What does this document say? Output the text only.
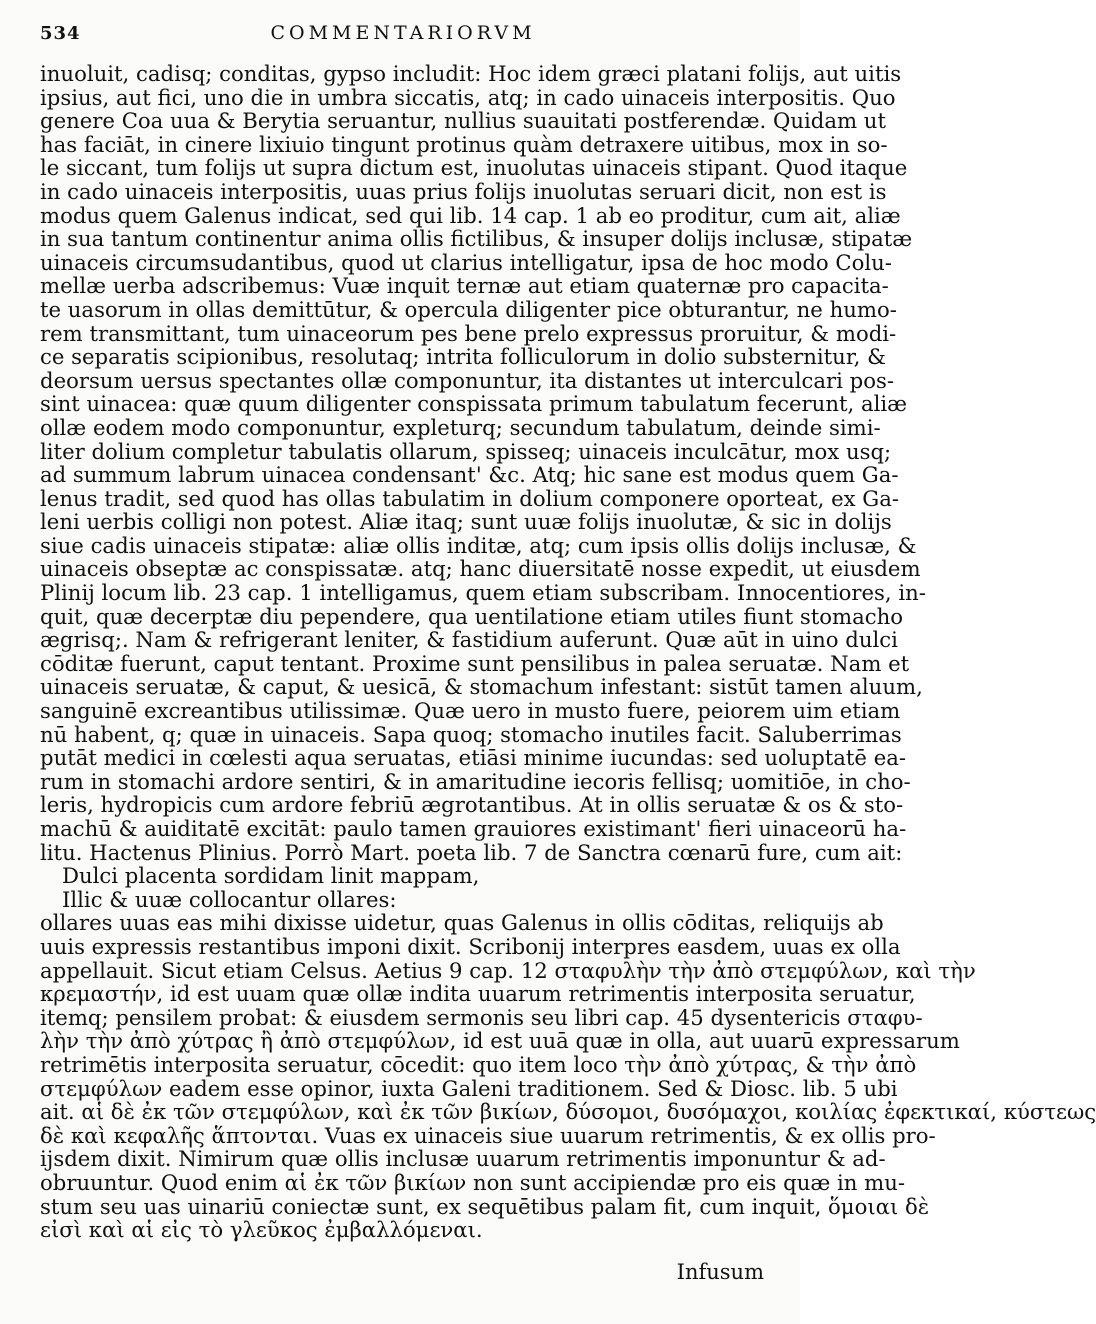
534	COMMENTARIORVM
inuoluit, cadisq; conditas, gypso includit: Hoc idem græci platani folijs, aut uitis
ipsius, aut fici, uno die in umbra siccatis, atq; in cado uinaceis interpositis. Quo
genere Coa uua & Berytia seruantur, nullius suauitati postferendæ. Quidam ut
has faciāt, in cinere lixiuio tingunt protinus quàm detraxere uitibus, mox in so-
le siccant, tum folijs ut supra dictum est, inuolutas uinaceis stipant. Quod itaque
in cado uinaceis interpositis, uuas prius folijs inuolutas seruari dicit, non est is
modus quem Galenus indicat, sed qui lib. 14 cap. 1 ab eo proditur, cum ait, aliæ
in sua tantum continentur anima ollis fictilibus, & insuper dolijs inclusæ, stipatæ
uinaceis circumsudantibus, quod ut clarius intelligatur, ipsa de hoc modo Colu-
mellæ uerba adscribemus: Vuæ inquit ternæ aut etiam quaternæ pro capacita-
te uasorum in ollas demittūtur, & opercula diligenter pice obturantur, ne humo-
rem transmittant, tum uinaceorum pes bene prelo expressus proruitur, & modi-
ce separatis scipionibus, resolutaq; intrita folliculorum in dolio substernitur, &
deorsum uersus spectantes ollæ componuntur, ita distantes ut interculcari pos-
sint uinacea: quæ quum diligenter conspissata primum tabulatum fecerunt, aliæ
ollæ eodem modo componuntur, expleturq; secundum tabulatum, deinde simi-
liter dolium completur tabulatis ollarum, spisseq; uinaceis inculcātur, mox usq;
ad summum labrum uinacea condensant' &c. Atq; hic sane est modus quem Ga-
lenus tradit, sed quod has ollas tabulatim in dolium componere oporteat, ex Ga-
leni uerbis colligi non potest. Aliæ itaq; sunt uuæ folijs inuolutæ, & sic in dolijs
siue cadis uinaceis stipatæ: aliæ ollis inditæ, atq; cum ipsis ollis dolijs inclusæ, &
uinaceis obseptæ ac conspissatæ. atq; hanc diuersitatē nosse expedit, ut eiusdem
Plinij locum lib. 23 cap. 1 intelligamus, quem etiam subscribam. Innocentiores, in-
quit, quæ decerptæ diu pependere, qua uentilatione etiam utiles fiunt stomacho
ægrisq;. Nam & refrigerant leniter, & fastidium auferunt. Quæ aūt in uino dulci
cōditæ fuerunt, caput tentant. Proxime sunt pensilibus in palea seruatæ. Nam et
uinaceis seruatæ, & caput, & uesicā, & stomachum infestant: sistūt tamen aluum,
sanguinē excreantibus utilissimæ. Quæ uero in musto fuere, peiorem uim etiam
nū habent, q; quæ in uinaceis. Sapa quoq; stomacho inutiles facit. Saluberrimas
putāt medici in cœlesti aqua seruatas, etiāsi minime iucundas: sed uoluptatē ea-
rum in stomachi ardore sentiri, & in amaritudine iecoris fellisq; uomitiōe, in cho-
leris, hydropicis cum ardore febriū ægrotantibus. At in ollis seruatæ & os & sto-
machū & auiditatē excitāt: paulo tamen grauiores existimant' fieri uinaceorū ha-
litu. Hactenus Plinius. Porrò Mart. poeta lib. 7 de Sanctra cœnarū fure, cum ait:
Dulci placenta sordidam linit mappam,
Illic & uuæ collocantur ollares:
ollares uuas eas mihi dixisse uidetur, quas Galenus in ollis cōditas, reliquijs ab
uuis expressis restantibus imponi dixit. Scribonij interpres easdem, uuas ex olla
appellauit. Sicut etiam Celsus. Aetius 9 cap. 12 σταφυλὴν τὴν ἀπὸ στεμφύλων, καὶ τὴν
κρεμαστήν, id est uuam quæ ollæ indita uuarum retrimentis interposita seruatur,
itemq; pensilem probat: & eiusdem sermonis seu libri cap. 45 dysentericis σταφυ-
λὴν τὴν ἀπὸ χύτρας ἢ ἀπὸ στεμφύλων, id est uuā quæ in olla, aut uuarū expressarum
retrimētis interposita seruatur, cōcedit: quo item loco τὴν ἀπὸ χύτρας, & τὴν ἀπὸ
στεμφύλων eadem esse opinor, iuxta Galeni traditionem. Sed & Diosc. lib. 5 ubi
ait. αἱ δὲ ἐκ τῶν στεμφύλων, καὶ ἐκ τῶν βικίων, δύσομοι, δυσόμαχοι, κοιλίας ἐφεκτικαί, κύστεως
δὲ καὶ κεφαλῆς ἅπτονται. Vuas ex uinaceis siue uuarum retrimentis, & ex ollis pro-
ijsdem dixit. Nimirum quæ ollis inclusæ uuarum retrimentis imponuntur & ad-
obruuntur. Quod enim αἱ ἐκ τῶν βικίων non sunt accipiendæ pro eis quæ in mu-
stum seu uas uinariū coniectæ sunt, ex sequētibus palam fit, cum inquit, ὅμοιαι δὲ
εἰσὶ καὶ αἱ εἰς τὸ γλεῦκος ἐμβαλλόμεναι.
Infusum
